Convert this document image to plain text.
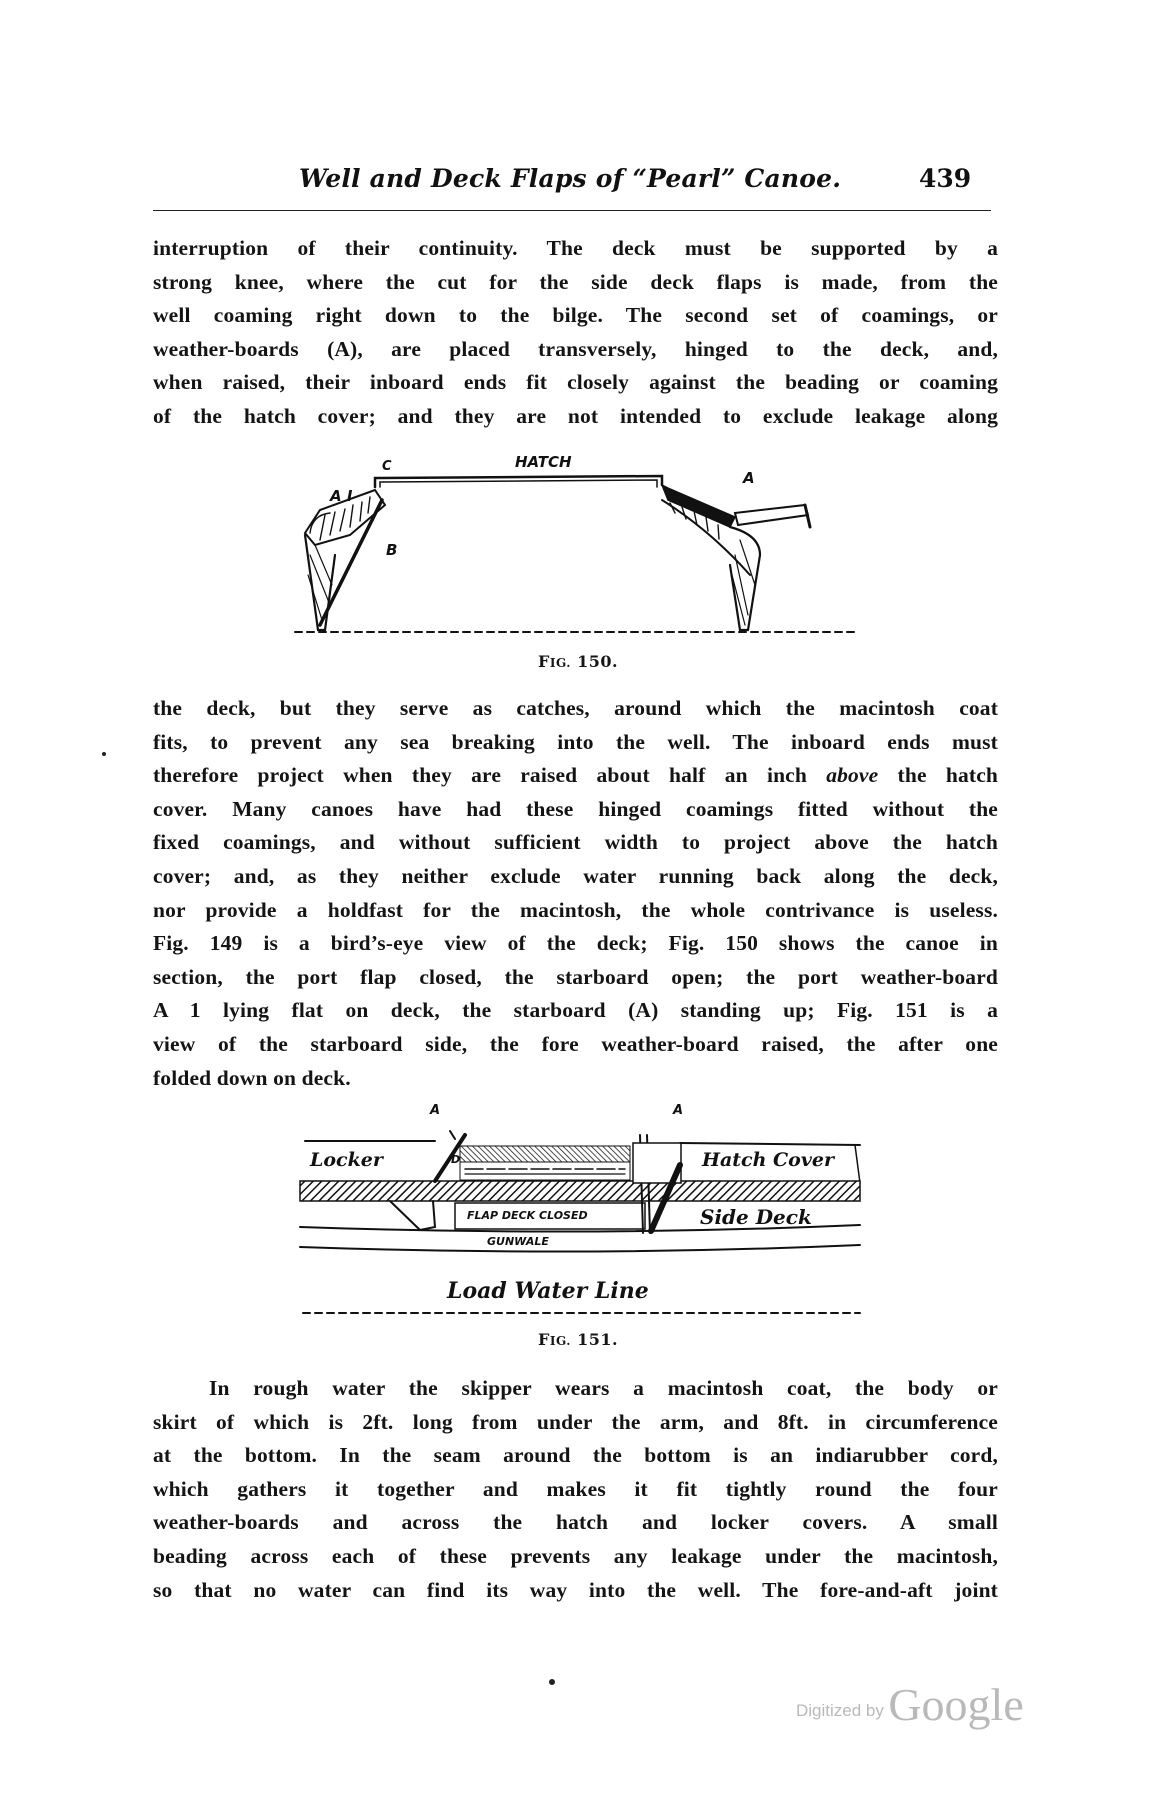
Well and Deck Flaps of “Pearl” Canoe.	439
interruption of their continuity. The deck must be supported by a
strong knee, where the cut for the side deck flaps is made, from the
well coaming right down to the bilge. The second set of coamings, or
weather-boards (A), are placed transversely, hinged to the deck, and,
when raised, their inboard ends fit closely against the beading or coaming
of the hatch cover; and they are not intended to exclude leakage along
HATCH
C
A I
B
A
FIG. 150.
the deck, but they serve as catches, around which the macintosh coat
fits, to prevent any sea breaking into the well. The inboard ends must
therefore project when they are raised about half an inch above the hatch
cover. Many canoes have had these hinged coamings fitted without the
fixed coamings, and without sufficient width to project above the hatch
cover; and, as they neither exclude water running back along the deck,
nor provide a holdfast for the macintosh, the whole contrivance is useless.
Fig. 149 is a bird’s-eye view of the deck; Fig. 150 shows the canoe in
section, the port flap closed, the starboard open; the port weather-board
A 1 lying flat on deck, the starboard (A) standing up; Fig. 151 is a
view of the starboard side, the fore weather-board raised, the after one
folded down on deck.
A	A
Locker	Hatch Cover
FLAP DECK CLOSED	Side Deck
GUNWALE
D
Load Water Line
FIG. 151.
In rough water the skipper wears a macintosh coat, the body or
skirt of which is 2ft. long from under the arm, and 8ft. in circumference
at the bottom. In the seam around the bottom is an indiarubber cord,
which gathers it together and makes it fit tightly round the four
weather-boards and across the hatch and locker covers. A small
beading across each of these prevents any leakage under the macintosh,
so that no water can find its way into the well. The fore-and-aft joint
Digitized by Google
